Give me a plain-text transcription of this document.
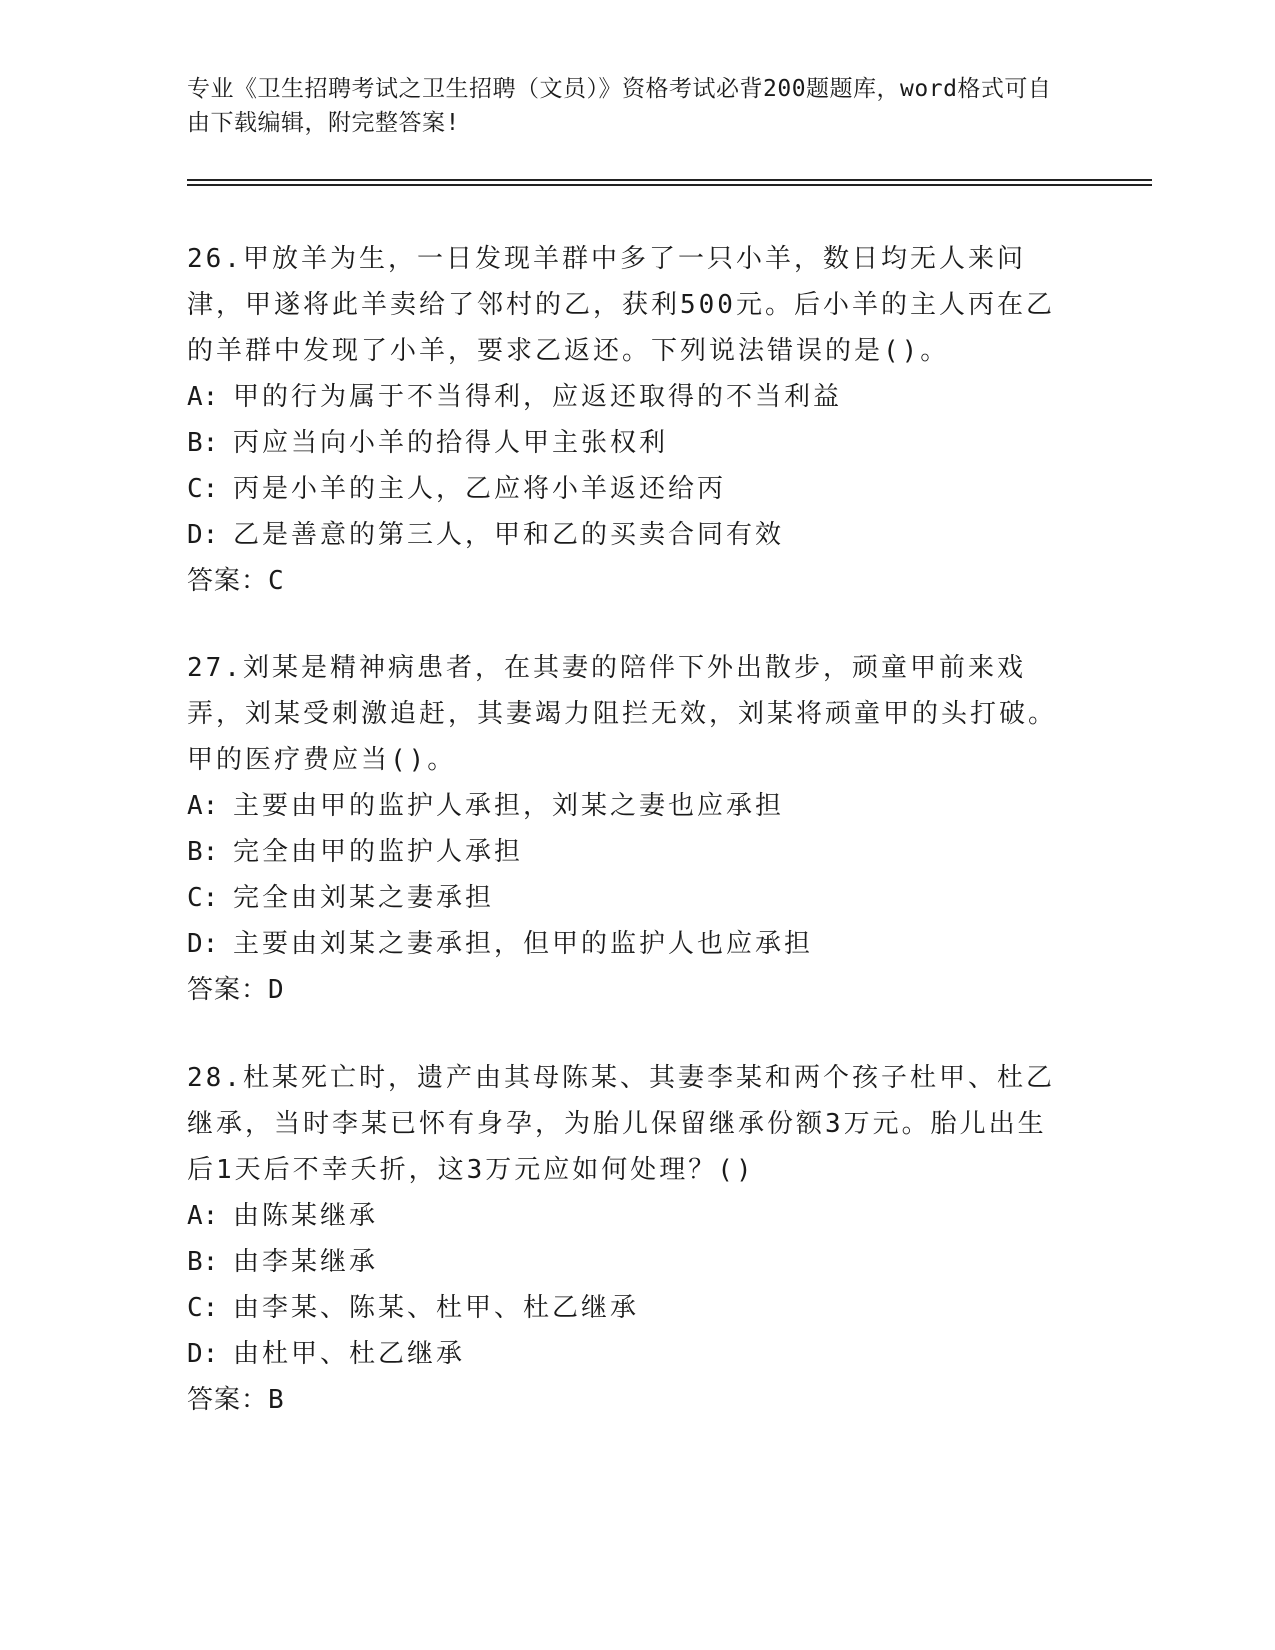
专业《卫生招聘考试之卫生招聘（文员）》资格考试必背200题题库，word格式可自由下载编辑，附完整答案!

26.甲放羊为生，一日发现羊群中多了一只小羊，数日均无人来问津，甲遂将此羊卖给了邻村的乙，获利500元。后小羊的主人丙在乙的羊群中发现了小羊，要求乙返还。下列说法错误的是()。

A: 甲的行为属于不当得利，应返还取得的不当利益
B: 丙应当向小羊的拾得人甲主张权利
C: 丙是小羊的主人，乙应将小羊返还给丙
D: 乙是善意的第三人，甲和乙的买卖合同有效
答案：C

27.刘某是精神病患者，在其妻的陪伴下外出散步，顽童甲前来戏弄，刘某受刺激追赶，其妻竭力阻拦无效，刘某将顽童甲的头打破。甲的医疗费应当()。

A: 主要由甲的监护人承担，刘某之妻也应承担
B: 完全由甲的监护人承担
C: 完全由刘某之妻承担
D: 主要由刘某之妻承担，但甲的监护人也应承担
答案：D

28.杜某死亡时，遗产由其母陈某、其妻李某和两个孩子杜甲、杜乙继承，当时李某已怀有身孕，为胎儿保留继承份额3万元。胎儿出生后1天后不幸夭折，这3万元应如何处理？()

A: 由陈某继承
B: 由李某继承
C: 由李某、陈某、杜甲、杜乙继承
D: 由杜甲、杜乙继承
答案：B
